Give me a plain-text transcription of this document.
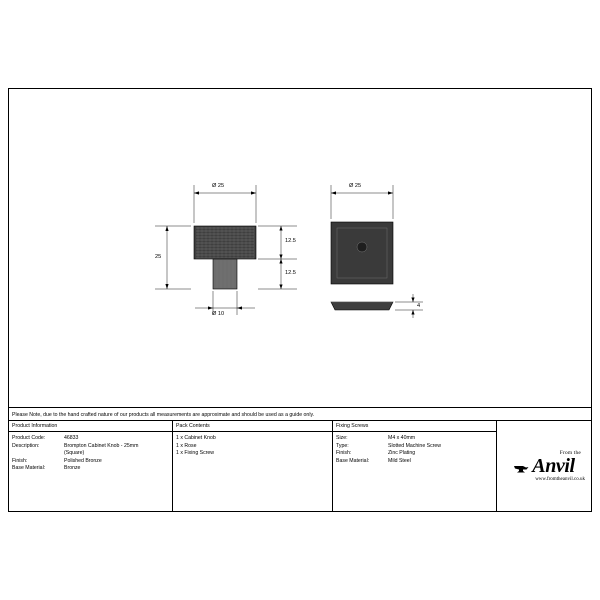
Ø 25
25
12.5
12.5
Ø 10
Ø 25
4
Please Note, due to the hand crafted nature of our products all measurements are approximate and should be used as a guide only.
Product Information
Product Code:	46833
Description:	Brompton Cabinet Knob - 25mm
(Square)
Finish:	Polished Bronze
Base Material:	Bronze
Pack Contents
1 x Cabinet Knob
1 x Rose
1 x Fixing Screw
Fixing Screws
Size:	M4 x 40mm
Type:	Slotted Machine Screw
Finish:	Zinc Plating
Base Material:	Mild Steel
From the
Anvil
www.fromtheanvil.co.uk
